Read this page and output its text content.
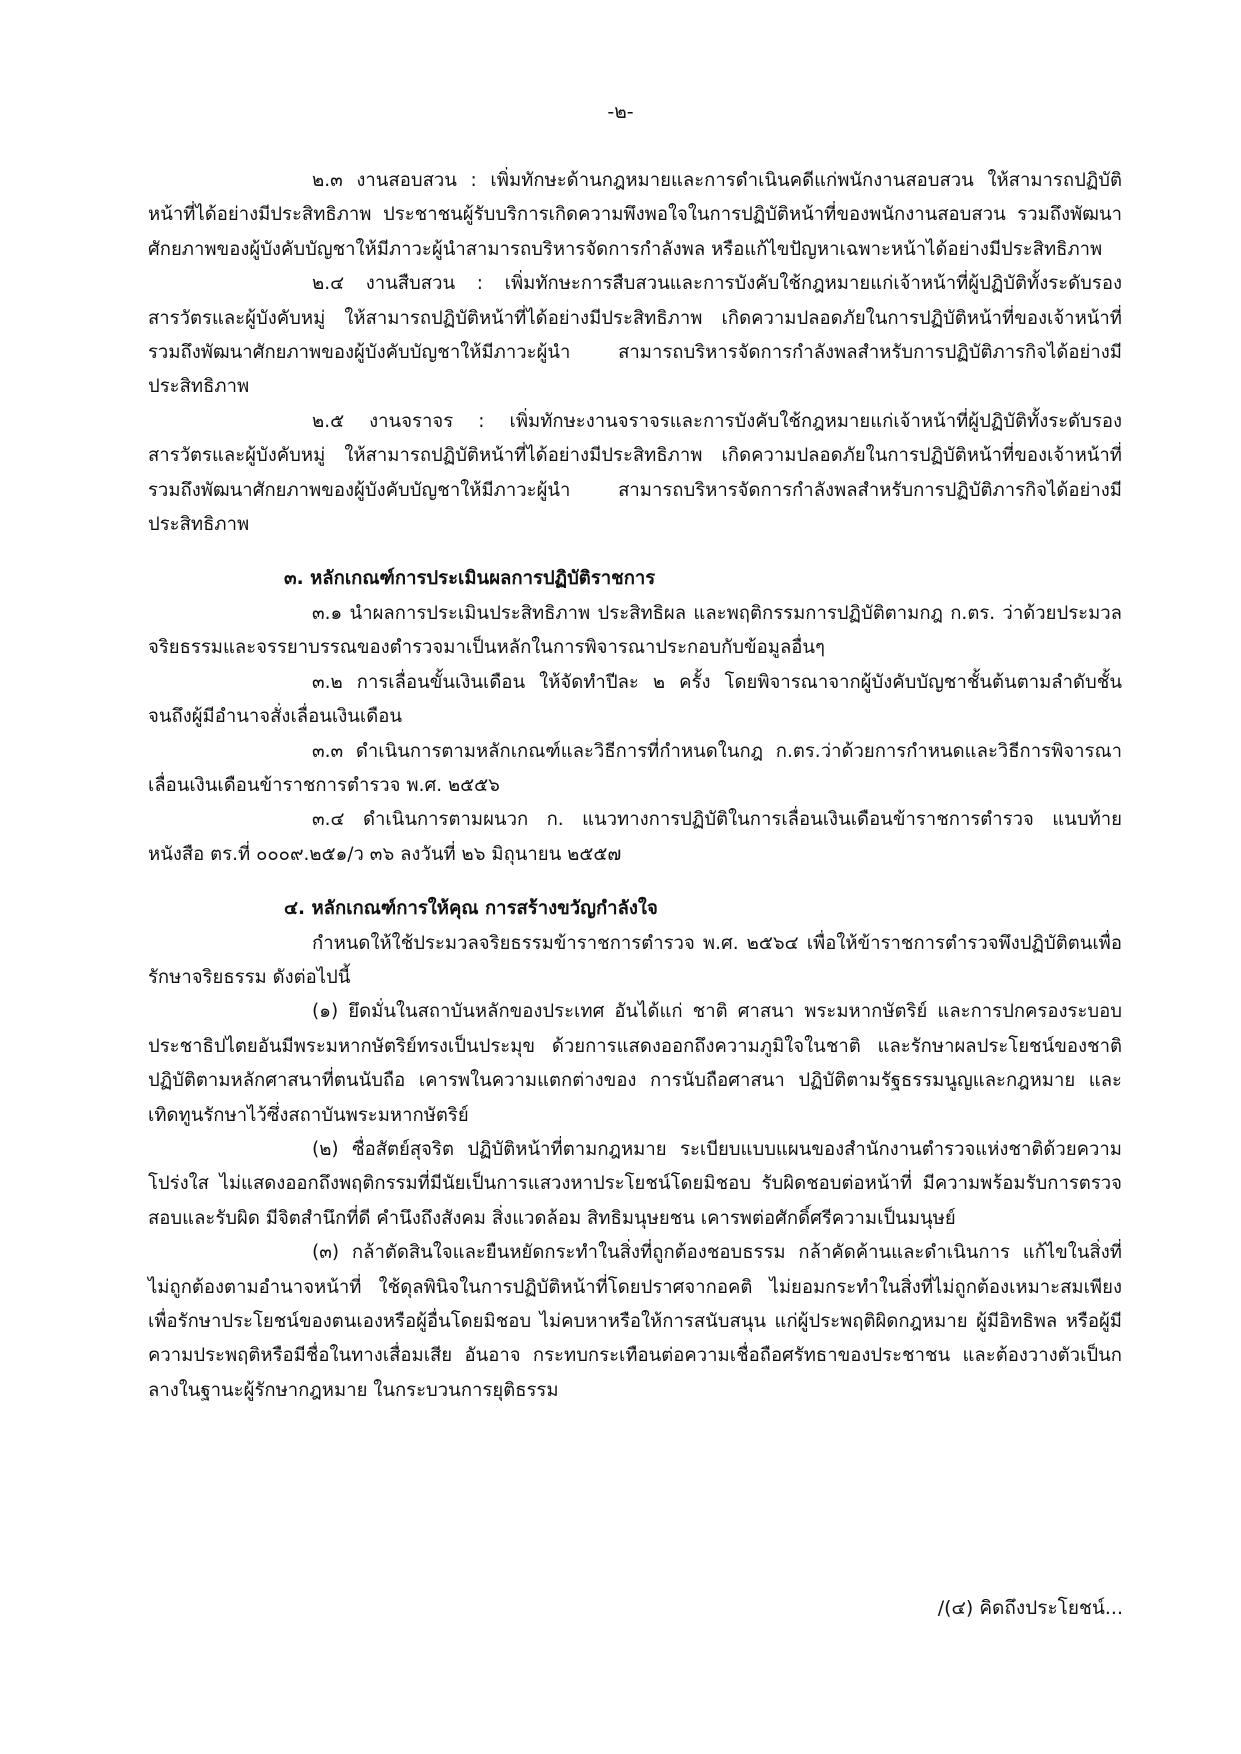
-๒-

๒.๓ งานสอบสวน : เพิ่มทักษะด้านกฎหมายและการดำเนินคดีแก่พนักงานสอบสวน ให้สามารถปฏิบัติหน้าที่ได้อย่างมีประสิทธิภาพ ประชาชนผู้รับบริการเกิดความพึงพอใจในการปฏิบัติหน้าที่ของพนักงานสอบสวน รวมถึงพัฒนาศักยภาพของผู้บังคับบัญชาให้มีภาวะผู้นำสามารถบริหารจัดการกำลังพล หรือแก้ไขปัญหาเฉพาะหน้าได้อย่างมีประสิทธิภาพ

๒.๔ งานสืบสวน : เพิ่มทักษะการสืบสวนและการบังคับใช้กฎหมายแก่เจ้าหน้าที่ผู้ปฏิบัติทั้งระดับรองสารวัตรและผู้บังคับหมู่ ให้สามารถปฏิบัติหน้าที่ได้อย่างมีประสิทธิภาพ เกิดความปลอดภัยในการปฏิบัติหน้าที่ของเจ้าหน้าที่ รวมถึงพัฒนาศักยภาพของผู้บังคับบัญชาให้มีภาวะผู้นำ สามารถบริหารจัดการกำลังพลสำหรับการปฏิบัติภารกิจได้อย่างมีประสิทธิภาพ

๒.๕ งานจราจร : เพิ่มทักษะงานจราจรและการบังคับใช้กฎหมายแก่เจ้าหน้าที่ผู้ปฏิบัติทั้งระดับรองสารวัตรและผู้บังคับหมู่ ให้สามารถปฏิบัติหน้าที่ได้อย่างมีประสิทธิภาพ เกิดความปลอดภัยในการปฏิบัติหน้าที่ของเจ้าหน้าที่ รวมถึงพัฒนาศักยภาพของผู้บังคับบัญชาให้มีภาวะผู้นำ สามารถบริหารจัดการกำลังพลสำหรับการปฏิบัติภารกิจได้อย่างมีประสิทธิภาพ

๓. หลักเกณฑ์การประเมินผลการปฏิบัติราชการ

๓.๑ นำผลการประเมินประสิทธิภาพ ประสิทธิผล และพฤติกรรมการปฏิบัติตามกฎ ก.ตร. ว่าด้วยประมวลจริยธรรมและจรรยาบรรณของตำรวจมาเป็นหลักในการพิจารณาประกอบกับข้อมูลอื่นๆ

๓.๒ การเลื่อนขั้นเงินเดือน ให้จัดทำปีละ ๒ ครั้ง โดยพิจารณาจากผู้บังคับบัญชาชั้นต้นตามลำดับชั้น จนถึงผู้มีอำนาจสั่งเลื่อนเงินเดือน

๓.๓ ดำเนินการตามหลักเกณฑ์และวิธีการที่กำหนดในกฎ ก.ตร.ว่าด้วยการกำหนดและวิธีการพิจารณาเลื่อนเงินเดือนข้าราชการตำรวจ พ.ศ. ๒๕๕๖

๓.๔ ดำเนินการตามผนวก ก. แนวทางการปฏิบัติในการเลื่อนเงินเดือนข้าราชการตำรวจ แนบท้ายหนังสือ ตร.ที่ ๐๐๐๙.๒๕๑/ว ๓๖ ลงวันที่ ๒๖ มิถุนายน ๒๕๕๗

๔. หลักเกณฑ์การให้คุณ การสร้างขวัญกำลังใจ

กำหนดให้ใช้ประมวลจริยธรรมข้าราชการตำรวจ พ.ศ. ๒๕๖๔ เพื่อให้ข้าราชการตำรวจพึงปฏิบัติตนเพื่อรักษาจริยธรรม ดังต่อไปนี้

(๑) ยึดมั่นในสถาบันหลักของประเทศ อันได้แก่ ชาติ ศาสนา พระมหากษัตริย์ และการปกครองระบอบประชาธิปไตยอันมีพระมหากษัตริย์ทรงเป็นประมุข ด้วยการแสดงออกถึงความภูมิใจในชาติ และรักษาผลประโยชน์ของชาติ ปฏิบัติตามหลักศาสนาที่ตนนับถือ เคารพในความแตกต่างของ การนับถือศาสนา ปฏิบัติตามรัฐธรรมนูญและกฎหมาย และเทิดทูนรักษาไว้ซึ่งสถาบันพระมหากษัตริย์

(๒) ซื่อสัตย์สุจริต ปฏิบัติหน้าที่ตามกฎหมาย ระเบียบแบบแผนของสำนักงานตำรวจแห่งชาติด้วยความโปร่งใส ไม่แสดงออกถึงพฤติกรรมที่มีนัยเป็นการแสวงหาประโยชน์โดยมิชอบ รับผิดชอบต่อหน้าที่ มีความพร้อมรับการตรวจสอบและรับผิด มีจิตสำนึกที่ดี คำนึงถึงสังคม สิ่งแวดล้อม สิทธิมนุษยชน เคารพต่อศักดิ์ศรีความเป็นมนุษย์

(๓) กล้าตัดสินใจและยืนหยัดกระทำในสิ่งที่ถูกต้องชอบธรรม กล้าคัดค้านและดำเนินการ แก้ไขในสิ่งที่ไม่ถูกต้องตามอำนาจหน้าที่ ใช้ดุลพินิจในการปฏิบัติหน้าที่โดยปราศจากอคติ ไม่ยอมกระทำในสิ่งที่ไม่ถูกต้องเหมาะสมเพียงเพื่อรักษาประโยชน์ของตนเองหรือผู้อื่นโดยมิชอบ ไม่คบหาหรือให้การสนับสนุน แก่ผู้ประพฤติผิดกฎหมาย ผู้มีอิทธิพล หรือผู้มีความประพฤติหรือมีชื่อในทางเสื่อมเสีย อันอาจ กระทบกระเทือนต่อความเชื่อถือศรัทธาของประชาชน และต้องวางตัวเป็นกลางในฐานะผู้รักษากฎหมาย ในกระบวนการยุติธรรม

/(๔) คิดถึงประโยชน์...
